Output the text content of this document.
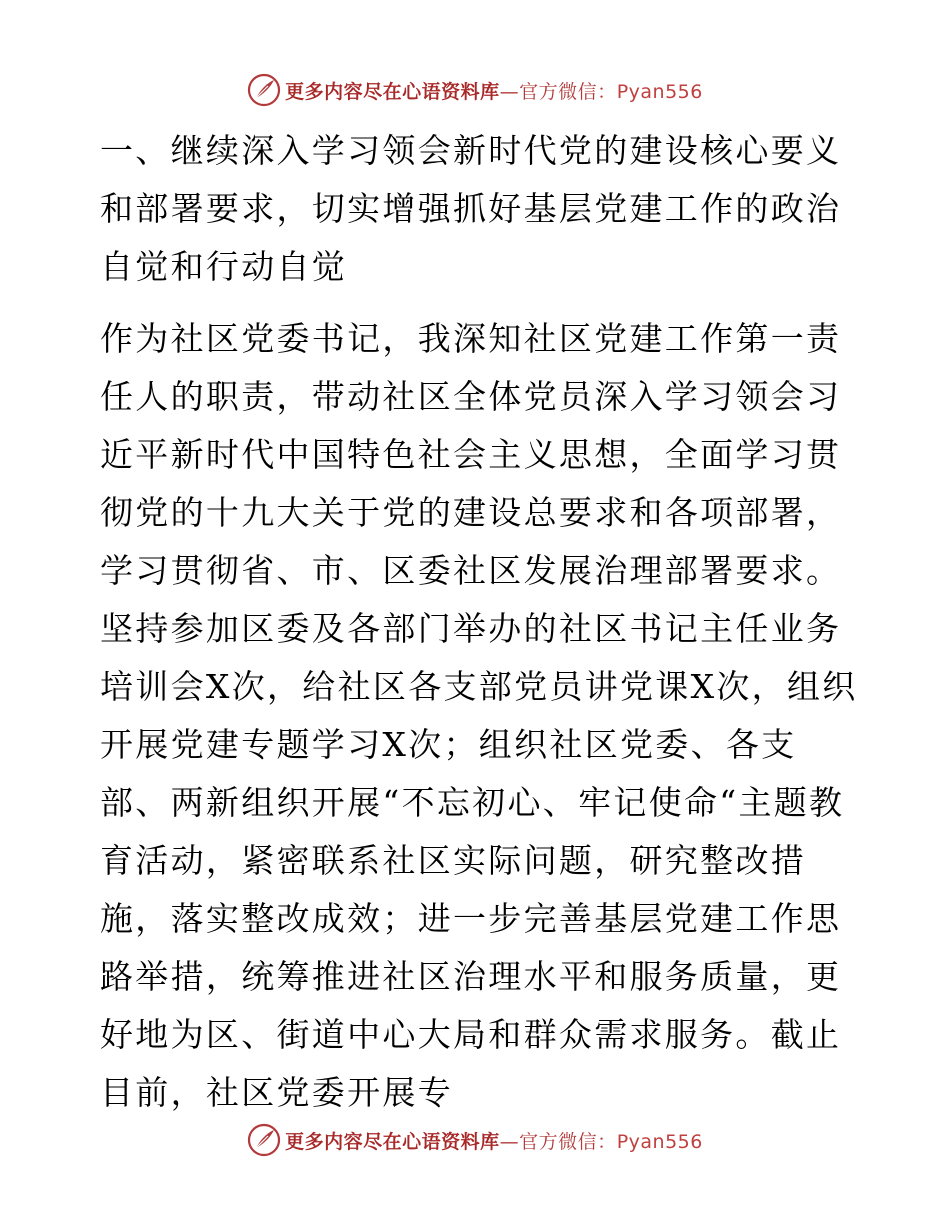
更多内容尽在心语资料库—官方微信：Pyan556
一、继续深入学习领会新时代党的建设核心要义和部署要求，切实增强抓好基层党建工作的政治自觉和行动自觉

作为社区党委书记，我深知社区党建工作第一责任人的职责，带动社区全体党员深入学习领会习近平新时代中国特色社会主义思想，全面学习贯彻党的十九大关于党的建设总要求和各项部署，学习贯彻省、市、区委社区发展治理部署要求。坚持参加区委及各部门举办的社区书记主任业务培训会X次，给社区各支部党员讲党课X次，组织开展党建专题学习X次；组织社区党委、各支部、两新组织开展“不忘初心、牢记使命“主题教育活动，紧密联系社区实际问题，研究整改措施，落实整改成效；进一步完善基层党建工作思路举措，统筹推进社区治理水平和服务质量，更好地为区、街道中心大局和群众需求服务。截止目前，社区党委开展专

更多内容尽在心语资料库—官方微信：Pyan556
